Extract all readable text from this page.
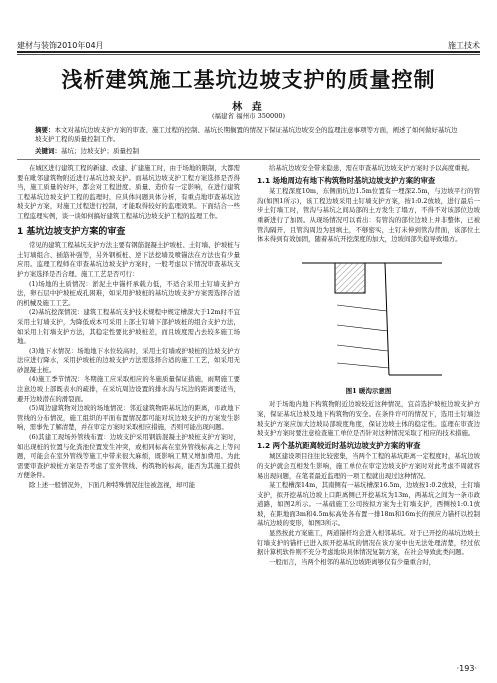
建材与装饰2010年04月	施工技术
浅析建筑施工基坑边坡支护的质量控制
林 垚
(福建省 福州市 350000)
摘要：本文对基坑边坡支护方案的审查、施工过程的控制、基坑长期搁置的情况下保证基坑边坡安全的监理注意事项等方面，阐述了如何做好基坑边坡支护工程的质量控制工作。
关键词：基坑；边坡支护；质量控制

在城区进行建筑工程的新建、改建、扩建施工时，由于场地的限制，大都需要在毗邻建筑物附近进行基坑边坡支护。而基坑边坡支护工程方案选择是否得当，施工质量的好坏，都会对工程进度、质量、造价有一定影响，在进行建筑工程基坑边坡支护工程的监理时，应具体问题具体分析，有重点地审查基坑边坡支护方案，对施工过程进行控制，才能取得较好的监理效果。下面结合一些工程监理实例，谈一谈如何搞好建筑工程基坑边坡支护工程的监理工作。

1 基坑边坡支护方案的审查

常见的建筑工程基坑支护方法主要有钢筋混凝土护坡桩、土钉墙、护坡桩与土钉墙组合、插筋补强等，另外钢板桩、逆下法挖墙及喷锚法在方法也有少量应用。监理工程师在审查基坑边坡支护方案时，一般考虑以下情况审查基坑支护方案选择是否合理、施工工艺是否可行：

(1)场地的土质情况：淤泥土中锚杆承载力低，不适合采用土钉墙支护方法，卵石层中护坡桩成孔困难，如采用护坡桩的基坑边坡支护方案需选择合适的机械及施工工艺。

(2)基坑挖深情况：建筑工程基坑支护技术规程中规定槽深大于12m时不宜采用土钉墙支护，为降低成本可采用上部土钉墙下部护坡桩的组合支护方法，如采用上钉墙支护方法，其稳定性要比护坡桩差，而且坡度需占去较多施工场地。

(3)地下水情况：场地地下水位较高时，采用土钉墙或护坡桩的边坡支护方法应进行降水，采用护坡桩的边坡支护方法需选择合适的施工工艺，如采用无砂混凝土桩。

(4)施工季节情况：冬期施工应采取相应的冬施质量保证措施，雨期施工要注意边坡上部既表水的疏排，在采坑周边设置的排水沟与坑边的距离要适当，避开边坡潜在的滑裂面。

(5)周边建筑物对边坡的场地情况：邻近建筑物距基坑边的距离，市政地下管线的分布情况，施工组织的平面布置情况都可能对坑边坡支护的方案发生影响，需事先了解清楚，并在审定方案时采取相应措施，否则可能出现问题。

(6)其建工现场外管线布置：边坡支护采用钢筋混凝土护坡桩支护方案时，如出现桩的位置与化粪池位置发生冲突，或相同标高在室外管线标高之上等问题，可能会在室外管线等施工中带来很大麻烦，既影响工期又增加费用。为此需要审查护坡桩方案是否考虑了室外管线、构筑物的标高，能否为其施工提供方便条件。

除上述一般情况外，下面几种特殊情况往往被忽视，却可能

给基坑边坡安全带来隐患，需在审查基坑边坡支护方案时予以高度重视。

1.1 场地周边有地下构筑物时基坑边坡支护方案的审查

某工程深度10m，东侧面坑边1.5m位置有一埋深2.5m，与边坡平行的管沟(如图1所示)，该工程边坡采用土钉墙支护方案，按1:0.2放坡，进行最后一步土钉墙工时，管沟与基坑之间局部的土方发生了塌方，不得不对该部位边坡重新进行了加固。从现场情况可以看出：有管沟的部位边坡上并非整体，已被管沟隔开，且管沟周边为回填土，不够密实，土钉未伸到管沟背面，该部位土体未得到有效加固，随着基坑开挖深度的加大，边坡间部失稳导致塌方。

图1 暖沟示意图

对于场地内地下构筑物附近边坡较近这种情况，宜首选护坡桩边坡支护方案，保证基坑边坡及地下构筑物的安全。在条件许可的情况下，选用土钉墙边坡支护方案应加大边坡局部坡度角度，保证边坡土体的稳定性。监理在审查边坡支护方案时要注意检查施工单位是否针对这种情况采取了相应的技术措施。

1.2 两个基坑距离较近时基坑边坡支护方案的审查

城区建设项目往往比较密集，当两个工程的基坑距离一定程度时，基坑边坡的支护就会互相发生影响，施工单位在审定边坡支护方案时对此考虑不周就容易出现问题，在笔者最近监理的一项工程就出现过这种情况。

某工程槽深14m，其南侧有一基坑槽深16.5m，边坡按1:0.2放坡，土钉墙支护，拟开挖基坑边坡上口距离侧已开挖基坑为13m，两基坑之间为一条市政道路，如图2所示。一基础施工公司按拟方案为土钉墙支护，西侧按1:0.1放坡，在距地面3m和4.5m标高处各布置一排18m和16m长的预应力锚杆以控制基坑边坡的变形，如图3所示。

显然按此方案施工，两道锚杆均会进入相邻基坑。对于已开挖的基坑边坡土钉墙支护的锚杆已进入拟开挖基坑的情况在该方案中也无法处理清楚，经过依据计算机软件则不充分考虑地块具体情况复制方案，在社会导致此类问题。

一般而言，当两个相邻的基坑边坡距离够仅有少量重合时，

·193·
